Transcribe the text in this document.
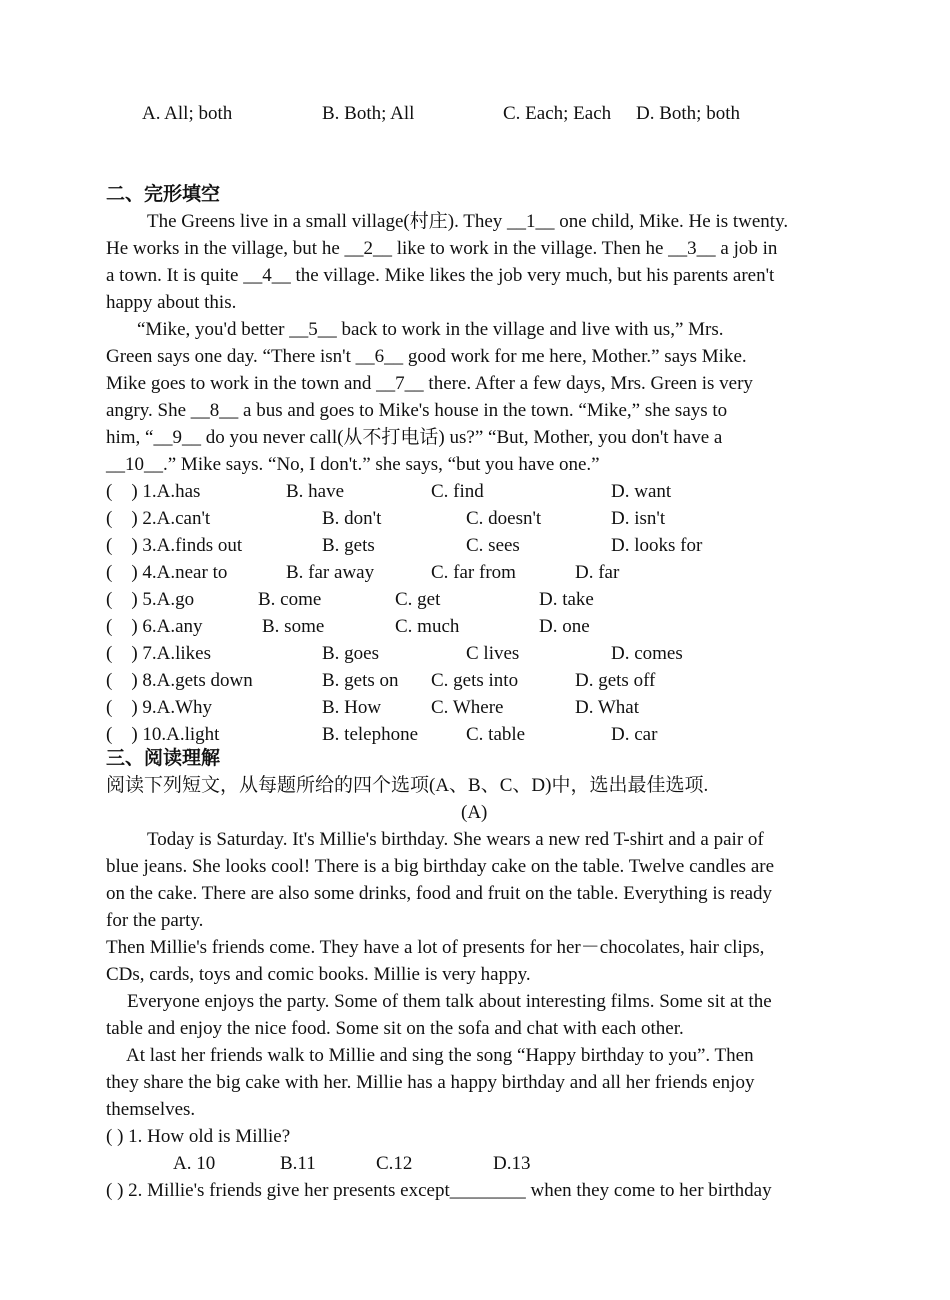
A. All; both	B. Both; All	C. Each; Each D. Both; both
二、完形填空
The Greens live in a small village(村庄). They __1__ one child, Mike. He is twenty.
He works in the village, but he __2__ like to work in the village. Then he __3__ a job in
a town. It is quite __4__ the village. Mike likes the job very much, but his parents aren't
happy about this.
“Mike, you'd better __5__ back to work in the village and live with us,” Mrs.
Green says one day. “There isn't __6__ good work for me here, Mother.” says Mike.
Mike goes to work in the town and __7__ there. After a few days, Mrs. Green is very
angry. She __8__ a bus and goes to Mike's house in the town. “Mike,” she says to
him, “__9__ do you never call(从不打电话) us?” “But, Mother, you don't have a
__10__.” Mike says. “No, I don't.” she says, “but you have one.”
(    ) 1.A.has	B. have	C. find	D. want
(    ) 2.A.can't	B. don't	C. doesn't	D. isn't
(    ) 3.A.finds out	B. gets	C. sees	D. looks for
(    ) 4.A.near to	B. far away	C. far from	D. far
(    ) 5.A.go	B. come	C. get	D. take
(    ) 6.A.any	B. some	C. much	D. one
(    ) 7.A.likes	B. goes	C lives	D. comes
(    ) 8.A.gets down	B. gets on C. gets into	D. gets off
(    ) 9.A.Why	B. How	C. Where	D. What
(    ) 10.A.light	B. telephone	C. table	D. car
三、阅读理解
阅读下列短文，从每题所给的四个选项(A、B、C、D)中，选出最佳选项.
(A)
Today is Saturday. It's Millie's birthday. She wears a new red T-shirt and a pair of
blue jeans. She looks cool! There is a big birthday cake on the table. Twelve candles are
on the cake. There are also some drinks, food and fruit on the table. Everything is ready
for the party.
Then Millie's friends come. They have a lot of presents for her－chocolates, hair clips,
CDs, cards, toys and comic books. Millie is very happy.
Everyone enjoys the party. Some of them talk about interesting films. Some sit at the
table and enjoy the nice food. Some sit on the sofa and chat with each other.
At last her friends walk to Millie and sing the song “Happy birthday to you”. Then
they share the big cake with her. Millie has a happy birthday and all her friends enjoy
themselves.
( ) 1. How old is Millie?
A. 10	B.11	C.12	D.13
( ) 2. Millie's friends give her presents except________ when they come to her birthday
